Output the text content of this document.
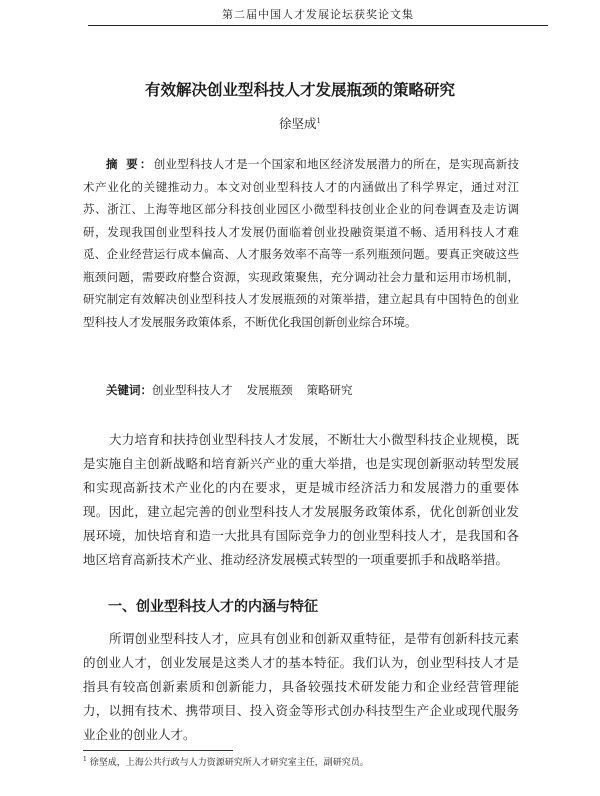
第二届中国人才发展论坛获奖论文集
有效解决创业型科技人才发展瓶颈的策略研究
徐坚成$^1$

摘 要：创业型科技人才是一个国家和地区经济发展潜力的所在，是实现高新技术产业化的关键推动力。本文对创业型科技人才的内涵做出了科学界定，通过对江苏、浙江、上海等地区部分科技创业园区小微型科技创业企业的问卷调查及走访调研，发现我国创业型科技人才发展仍面临着创业投融资渠道不畅、适用科技人才难觅、企业经营运行成本偏高、人才服务效率不高等一系列瓶颈问题。要真正突破这些瓶颈问题，需要政府整合资源，实现政策聚焦，充分调动社会力量和运用市场机制，研究制定有效解决创业型科技人才发展瓶颈的对策举措，建立起具有中国特色的创业型科技人才发展服务政策体系，不断优化我国创新创业综合环境。

关键词：创业型科技人才 发展瓶颈 策略研究

大力培育和扶持创业型科技人才发展，不断壮大小微型科技企业规模，既是实施自主创新战略和培育新兴产业的重大举措，也是实现创新驱动转型发展和实现高新技术产业化的内在要求，更是城市经济活力和发展潜力的重要体现。因此，建立起完善的创业型科技人才发展服务政策体系，优化创新创业发展环境，加快培育和造一大批具有国际竞争力的创业型科技人才，是我国和各地区培育高新技术产业、推动经济发展模式转型的一项重要抓手和战略举措。

一、创业型科技人才的内涵与特征

所谓创业型科技人才，应具有创业和创新双重特征，是带有创新科技元素的创业人才，创业发展是这类人才的基本特征。我们认为，创业型科技人才是指具有较高创新素质和创新能力，具备较强技术研发能力和企业经营管理能力，以拥有技术、携带项目、投入资金等形式创办科技型生产企业或现代服务业企业的创业人才。

$^1$ 徐坚成，上海公共行政与人力资源研究所人才研究室主任，副研究员。
